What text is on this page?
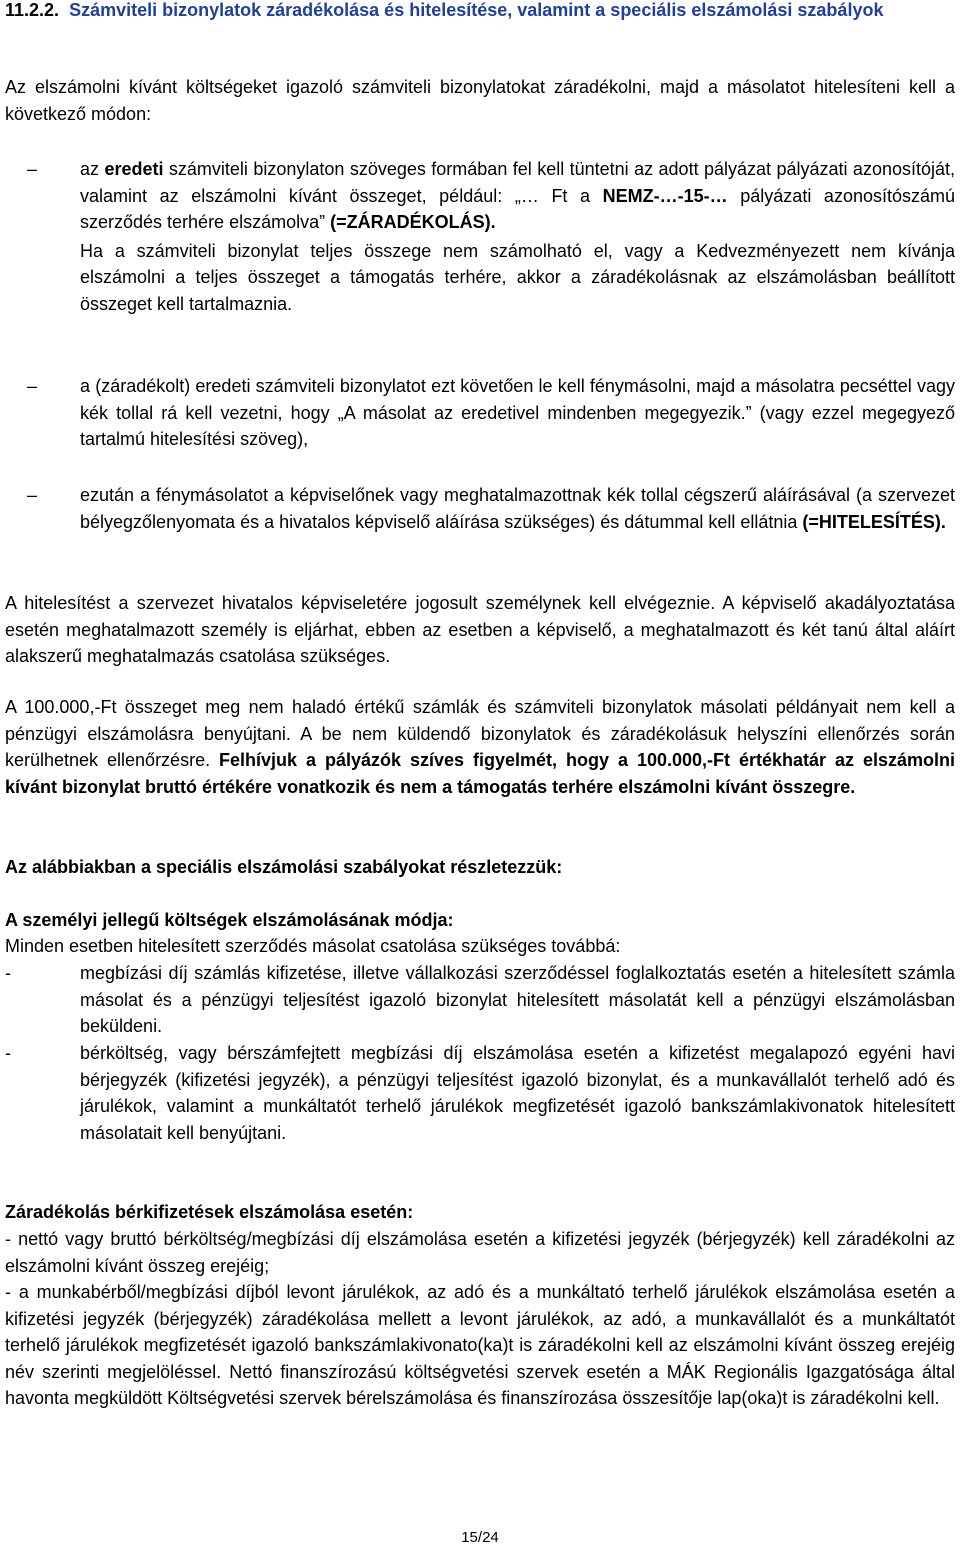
11.2.2. Számviteli bizonylatok záradékolása és hitelesítése, valamint a speciális elszámolási szabályok

Az elszámolni kívánt költségeket igazoló számviteli bizonylatokat záradékolni, majd a másolatot hitelesíteni kell a következő módon:

– az eredeti számviteli bizonylaton szöveges formában fel kell tüntetni az adott pályázat pályázati azonosítóját, valamint az elszámolni kívánt összeget, például: „… Ft a NEMZ-…-15-… pályázati azonosítószámú szerződés terhére elszámolva” (=ZÁRADÉKOLÁS).
Ha a számviteli bizonylat teljes összege nem számolható el, vagy a Kedvezményezett nem kívánja elszámolni a teljes összeget a támogatás terhére, akkor a záradékolásnak az elszámolásban beállított összeget kell tartalmaznia.
– a (záradékolt) eredeti számviteli bizonylatot ezt követően le kell fénymásolni, majd a másolatra pecséttel vagy kék tollal rá kell vezetni, hogy „A másolat az eredetivel mindenben megegyezik.” (vagy ezzel megegyező tartalmú hitelesítési szöveg),
– ezután a fénymásolatot a képviselőnek vagy meghatalmazottnak kék tollal cégszerű aláírásával (a szervezet bélyegzőlenyomata és a hivatalos képviselő aláírása szükséges) és dátummal kell ellátnia (=HITELESÍTÉS).

A hitelesítést a szervezet hivatalos képviseletére jogosult személynek kell elvégeznie. A képviselő akadályoztatása esetén meghatalmazott személy is eljárhat, ebben az esetben a képviselő, a meghatalmazott és két tanú által aláírt alakszerű meghatalmazás csatolása szükséges.

A 100.000,-Ft összeget meg nem haladó értékű számlák és számviteli bizonylatok másolati példányait nem kell a pénzügyi elszámolásra benyújtani. A be nem küldendő bizonylatok és záradékolásuk helyszíni ellenőrzés során kerülhetnek ellenőrzésre. Felhívjuk a pályázók szíves figyelmét, hogy a 100.000,-Ft értékhatár az elszámolni kívánt bizonylat bruttó értékére vonatkozik és nem a támogatás terhére elszámolni kívánt összegre.

Az alábbiakban a speciális elszámolási szabályokat részletezzük:

A személyi jellegű költségek elszámolásának módja:

Minden esetben hitelesített szerződés másolat csatolása szükséges továbbá:

-	megbízási díj számlás kifizetése, illetve vállalkozási szerződéssel foglalkoztatás esetén a hitelesített számla másolat és a pénzügyi teljesítést igazoló bizonylat hitelesített másolatát kell a pénzügyi elszámolásban beküldeni.
-	bérköltség, vagy bérszámfejtett megbízási díj elszámolása esetén a kifizetést megalapozó egyéni havi bérjegyzék (kifizetési jegyzék), a pénzügyi teljesítést igazoló bizonylat, és a munkavállalót terhelő adó és járulékok, valamint a munkáltatót terhelő járulékok megfizetését igazoló bankszámlakivonatok hitelesített másolatait kell benyújtani.

Záradékolás bérkifizetések elszámolása esetén:

- nettó vagy bruttó bérköltség/megbízási díj elszámolása esetén a kifizetési jegyzék (bérjegyzék) kell záradékolni az elszámolni kívánt összeg erejéig;

- a munkabérből/megbízási díjból levont járulékok, az adó és a munkáltató terhelő járulékok elszámolása esetén a kifizetési jegyzék (bérjegyzék) záradékolása mellett a levont járulékok, az adó, a munkavállalót és a munkáltatót terhelő járulékok megfizetését igazoló bankszámlakivonato(ka)t is záradékolni kell az elszámolni kívánt összeg erejéig név szerinti megjelöléssel. Nettó finanszírozású költségvetési szervek esetén a MÁK Regionális Igazgatósága által havonta megküldött Költségvetési szervek bérelszámolása és finanszírozása összesítője lap(oka)t is záradékolni kell.

15/24
